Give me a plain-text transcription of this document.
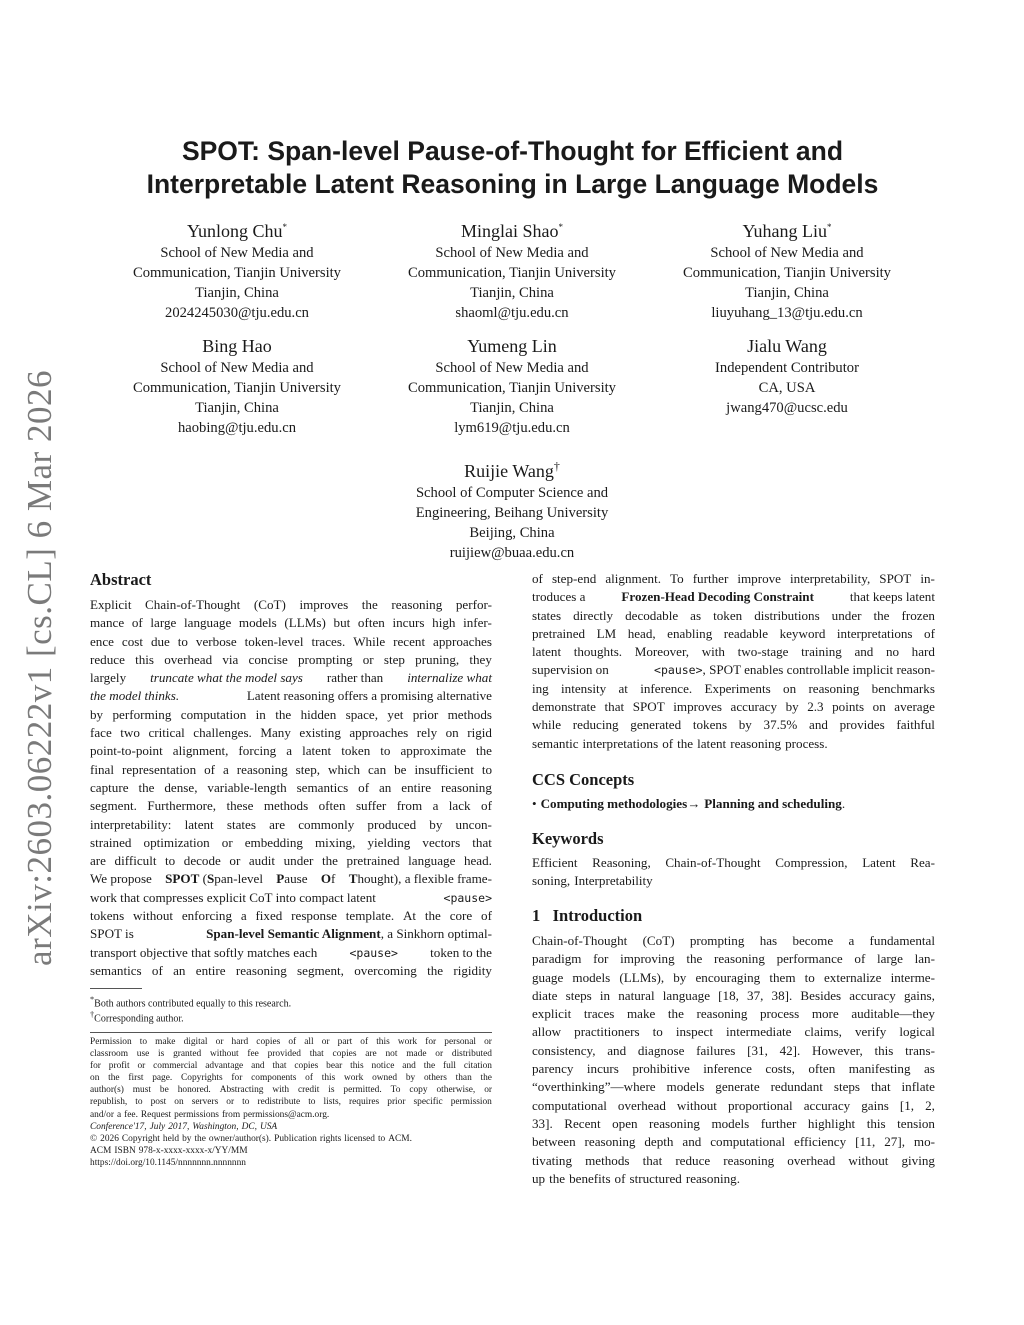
arXiv:2603.06222v1 [cs.CL] 6 Mar 2026
SPOT: Span-level Pause-of-Thought for Efficient and
Interpretable Latent Reasoning in Large Language Models
Yunlong Chu*
School of New Media and
Communication, Tianjin University
Tianjin, China
2024245030@tju.edu.cn
Minglai Shao*
School of New Media and
Communication, Tianjin University
Tianjin, China
shaoml@tju.edu.cn
Yuhang Liu*
School of New Media and
Communication, Tianjin University
Tianjin, China
liuyuhang_13@tju.edu.cn
Bing Hao
School of New Media and
Communication, Tianjin University
Tianjin, China
haobing@tju.edu.cn
Yumeng Lin
School of New Media and
Communication, Tianjin University
Tianjin, China
lym619@tju.edu.cn
Jialu Wang
Independent Contributor
CA, USA
jwang470@ucsc.edu
Ruijie Wang†
School of Computer Science and
Engineering, Beihang University
Beijing, China
ruijiew@buaa.edu.cn
Abstract
Explicit Chain-of-Thought (CoT) improves the reasoning perfor-
mance of large language models (LLMs) but often incurs high infer-
ence cost due to verbose token-level traces. While recent approaches
reduce this overhead via concise prompting or step pruning, they
largely truncate what the model says rather than internalize what
the model thinks.	Latent reasoning offers a promising alternative
by performing computation in the hidden space, yet prior methods
face two critical challenges. Many existing approaches rely on rigid
point-to-point alignment, forcing a latent token to approximate the
final representation of a reasoning step, which can be insufficient to
capture the dense, variable-length semantics of an entire reasoning
segment. Furthermore, these methods often suffer from a lack of
interpretability: latent states are commonly produced by uncon-
strained optimization or embedding mixing, yielding vectors that
are difficult to decode or audit under the pretrained language head.
We propose SPOT (Span-level Pause Of Thought), a flexible frame-
work that compresses explicit CoT into compact latent	<pause>
tokens without enforcing a fixed response template. At the core of
SPOT is	Span-level Semantic Alignment, a Sinkhorn optimal-
transport objective that softly matches each	<pause> token to the
semantics of an entire reasoning segment, overcoming the rigidity
*Both authors contributed equally to this research.
†Corresponding author.
Permission to make digital or hard copies of all or part of this work for personal or
classroom use is granted without fee provided that copies are not made or distributed
for profit or commercial advantage and that copies bear this notice and the full citation
on the first page. Copyrights for components of this work owned by others than the
author(s) must be honored. Abstracting with credit is permitted. To copy otherwise, or
republish, to post on servers or to redistribute to lists, requires prior specific permission
and/or a fee. Request permissions from permissions@acm.org.
Conference'17, July 2017, Washington, DC, USA
© 2026 Copyright held by the owner/author(s). Publication rights licensed to ACM.
ACM ISBN 978-x-xxxx-xxxx-x/YY/MM
https://doi.org/10.1145/nnnnnnn.nnnnnnn
of step-end alignment. To further improve interpretability, SPOT in-
troduces a	Frozen-Head Decoding Constraint	that keeps latent
states directly decodable as token distributions under the frozen
pretrained LM head, enabling readable keyword interpretations of
latent thoughts. Moreover, with two-stage training and no hard
supervision on	<pause>, SPOT enables controllable implicit reason-
ing intensity at inference. Experiments on reasoning benchmarks
demonstrate that SPOT improves accuracy by 2.3 points on average
while reducing generated tokens by 37.5% and provides faithful
semantic interpretations of the latent reasoning process.
CCS Concepts
• Computing methodologies → Planning and scheduling.
Keywords
Efficient Reasoning, Chain-of-Thought Compression, Latent Rea-
soning, Interpretability
1 Introduction
Chain-of-Thought (CoT) prompting has become a fundamental
paradigm for improving the reasoning performance of large lan-
guage models (LLMs), by encouraging them to externalize interme-
diate steps in natural language [18, 37, 38]. Besides accuracy gains,
explicit traces make the reasoning process more auditable—they
allow practitioners to inspect intermediate claims, verify logical
consistency, and diagnose failures [31, 42]. However, this trans-
parency incurs prohibitive inference costs, often manifesting as
“overthinking”—where models generate redundant steps that inflate
computational overhead without proportional accuracy gains [1, 2,
33]. Recent open reasoning models further highlight this tension
between reasoning depth and computational efficiency [11, 27], mo-
tivating methods that reduce reasoning overhead without giving
up the benefits of structured reasoning.
